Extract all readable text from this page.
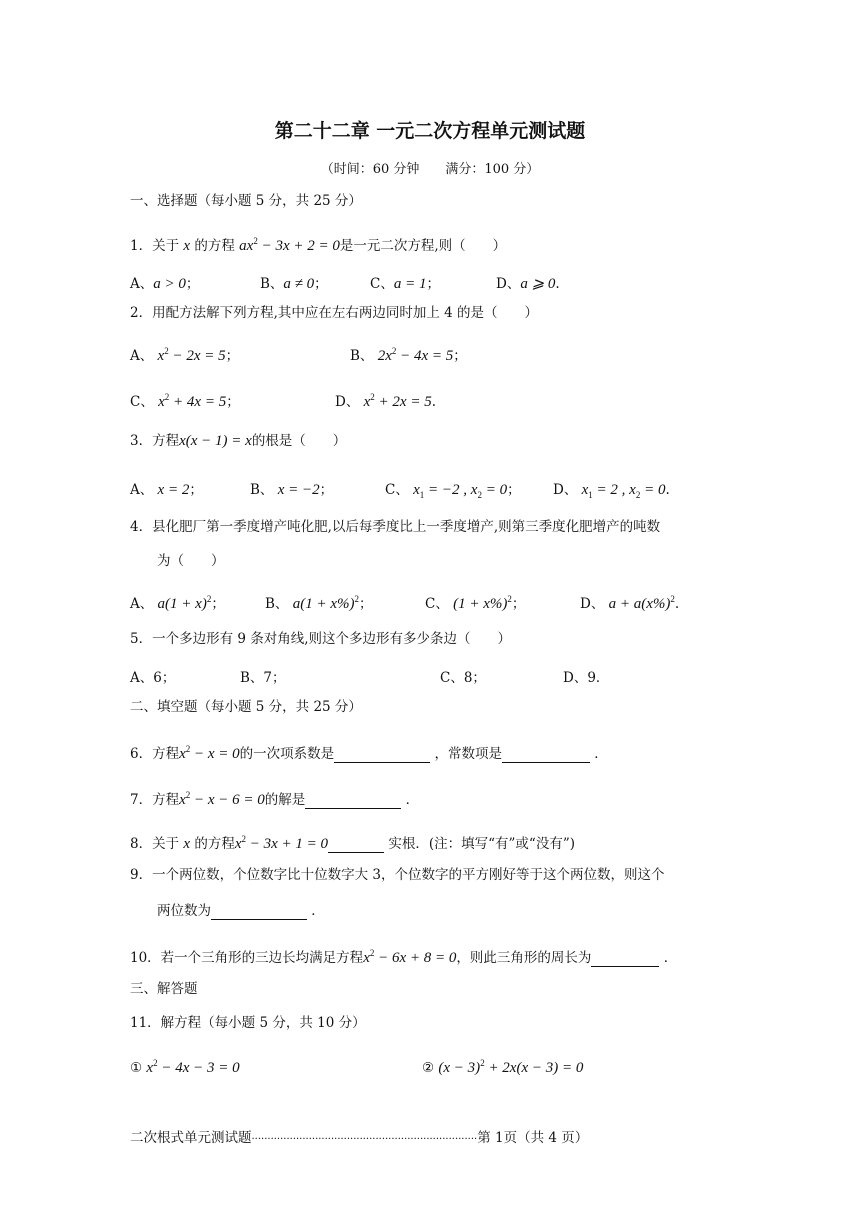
第二十二章 一元二次方程单元测试题
（时间：60 分钟　　满分：100 分）
一、选择题（每小题 5 分，共 25 分）
1．关于 x 的方程 $ax^2 - 3x + 2 = 0$是一元二次方程,则（　　）
A、a > 0；	B、a ≠ 0；	C、a = 1；	D、a ⩾ 0.
2．用配方法解下列方程,其中应在左右两边同时加上 4 的是（　　）
A、 $x^2 - 2x = 5$；	B、 $2x^2 - 4x = 5$；
C、 $x^2 + 4x = 5$；	D、 $x^2 + 2x = 5$.
3．方程x(x − 1) = x的根是（　　）
A、 x = 2；	B、 x = −2；	C、 $x_1 = -2$ , $x_2 = 0$； D、 $x_1 = 2$ , $x_2 = 0$.
4．县化肥厂第一季度增产吨化肥,以后每季度比上一季度增产,则第三季度化肥增产的吨数
为（　　）
A、 $a(1 + x)^2$；	B、 $a(1 + x\%)^2$；	C、 $(1 + x\%)^2$；	D、 $a + a(x\%)^2$.
5．一个多边形有 9 条对角线,则这个多边形有多少条边（　　）
A、6；	B、7；	C、8；	D、9．
二、填空题（每小题 5 分，共 25 分）
6．方程$x^2 - x = 0$的一次项系数是	，常数项是	．
7．方程$x^2 - x - 6 = 0$的解是	．
8．关于 x 的方程$x^2 - 3x + 1 = 0$	实根．(注：填写“有”或“没有”)
9．一个两位数，个位数字比十位数字大 3，个位数字的平方刚好等于这个两位数，则这个
两位数为	．
10．若一个三角形的三边长均满足方程$x^2 - 6x + 8 = 0$，则此三角形的周长为	．
三、解答题
11．解方程（每小题 5 分，共 10 分）
① $x^2 - 4x - 3 = 0$	② $(x - 3)^2 + 2x(x - 3) = 0$
二次根式单元测试题·······································································第 1页（共 4 页）
